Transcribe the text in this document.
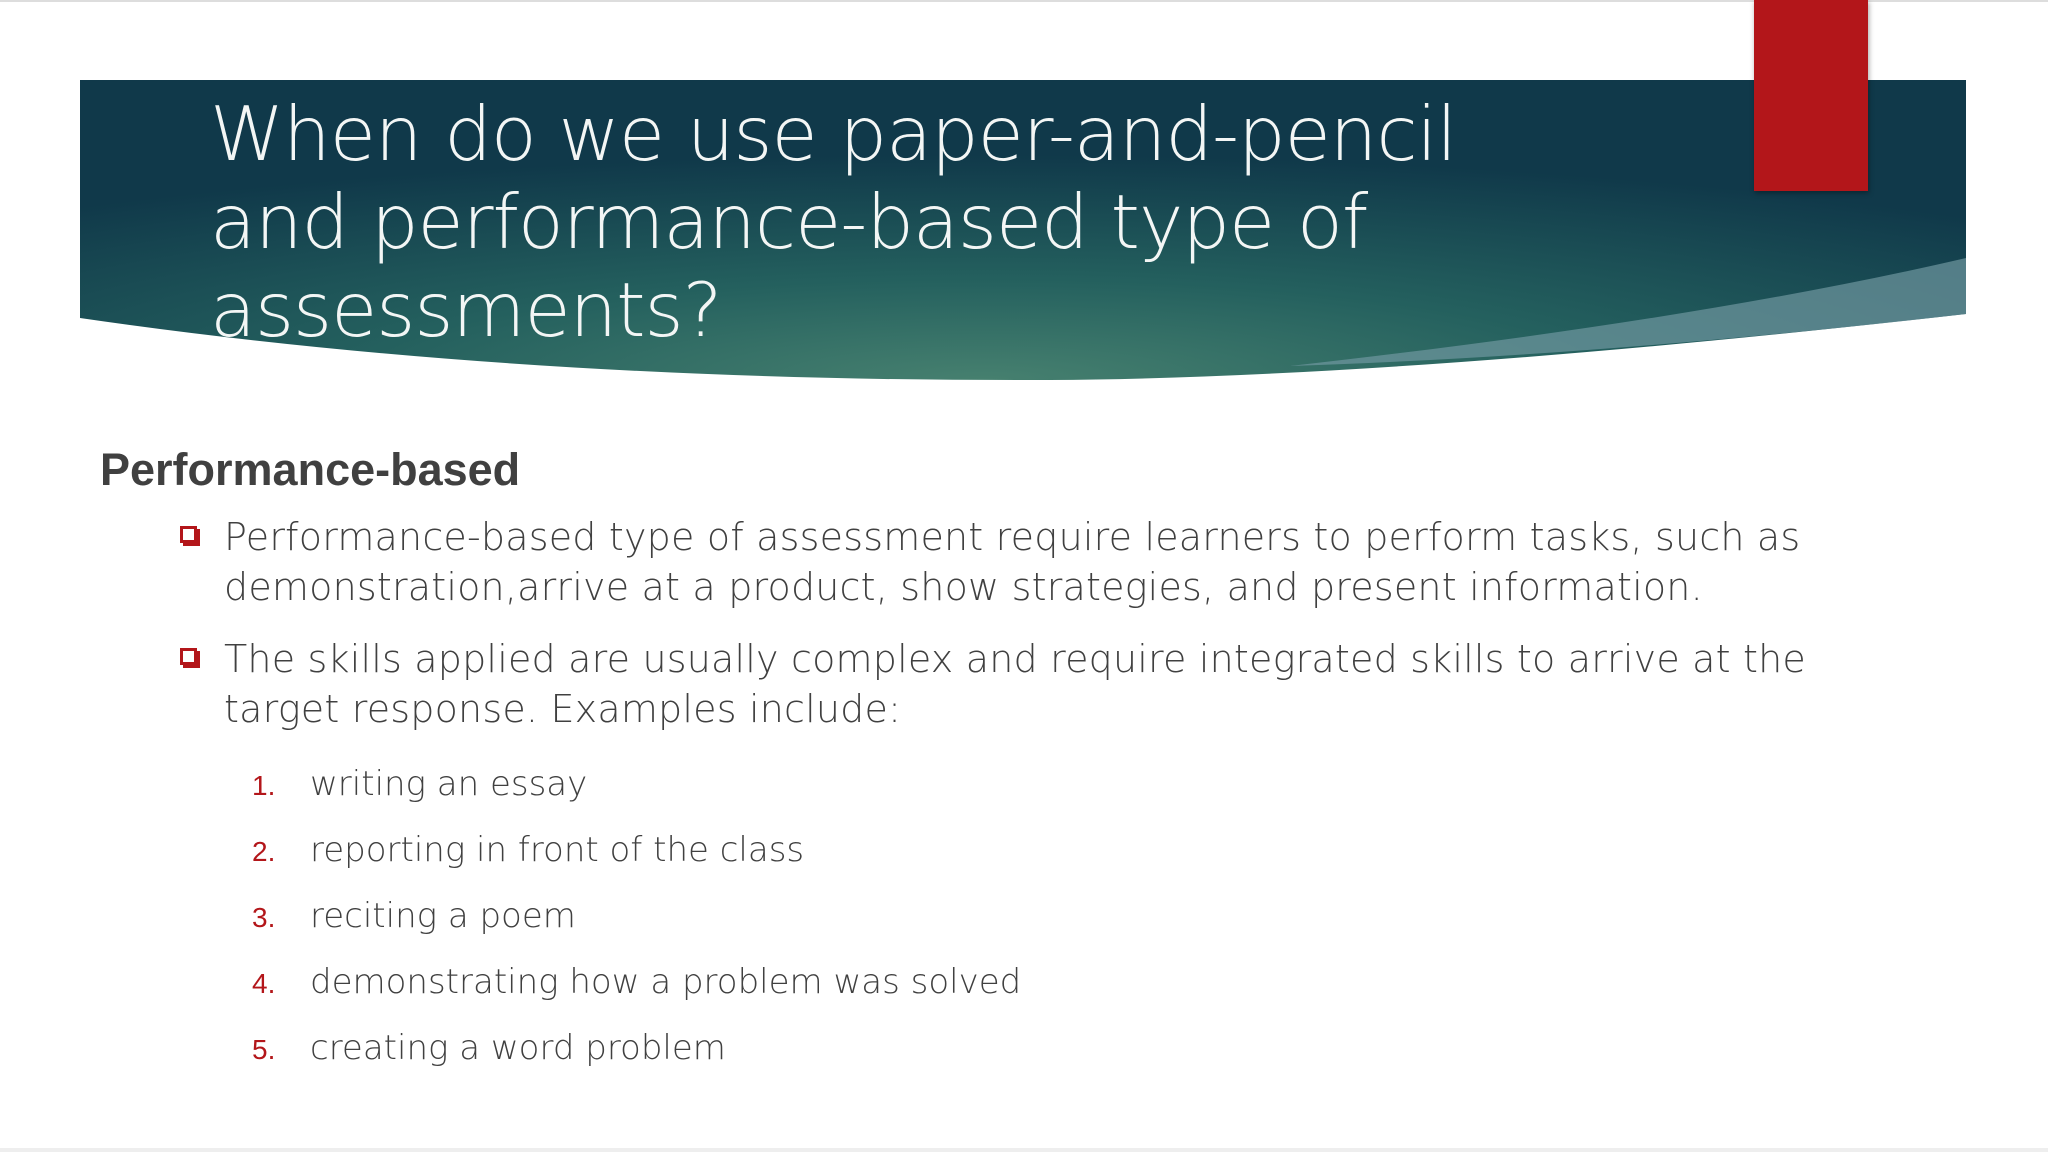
When do we use paper-and-pencil
and performance-based type of
assessments?
Performance-based
Performance-based type of assessment require learners to perform tasks, such as
demonstration,arrive at a product, show strategies, and present information.
The skills applied are usually complex and require integrated skills to arrive at the
target response. Examples include:
1. writing an essay
2. reporting in front of the class
3. reciting a poem
4. demonstrating how a problem was solved
5. creating a word problem
